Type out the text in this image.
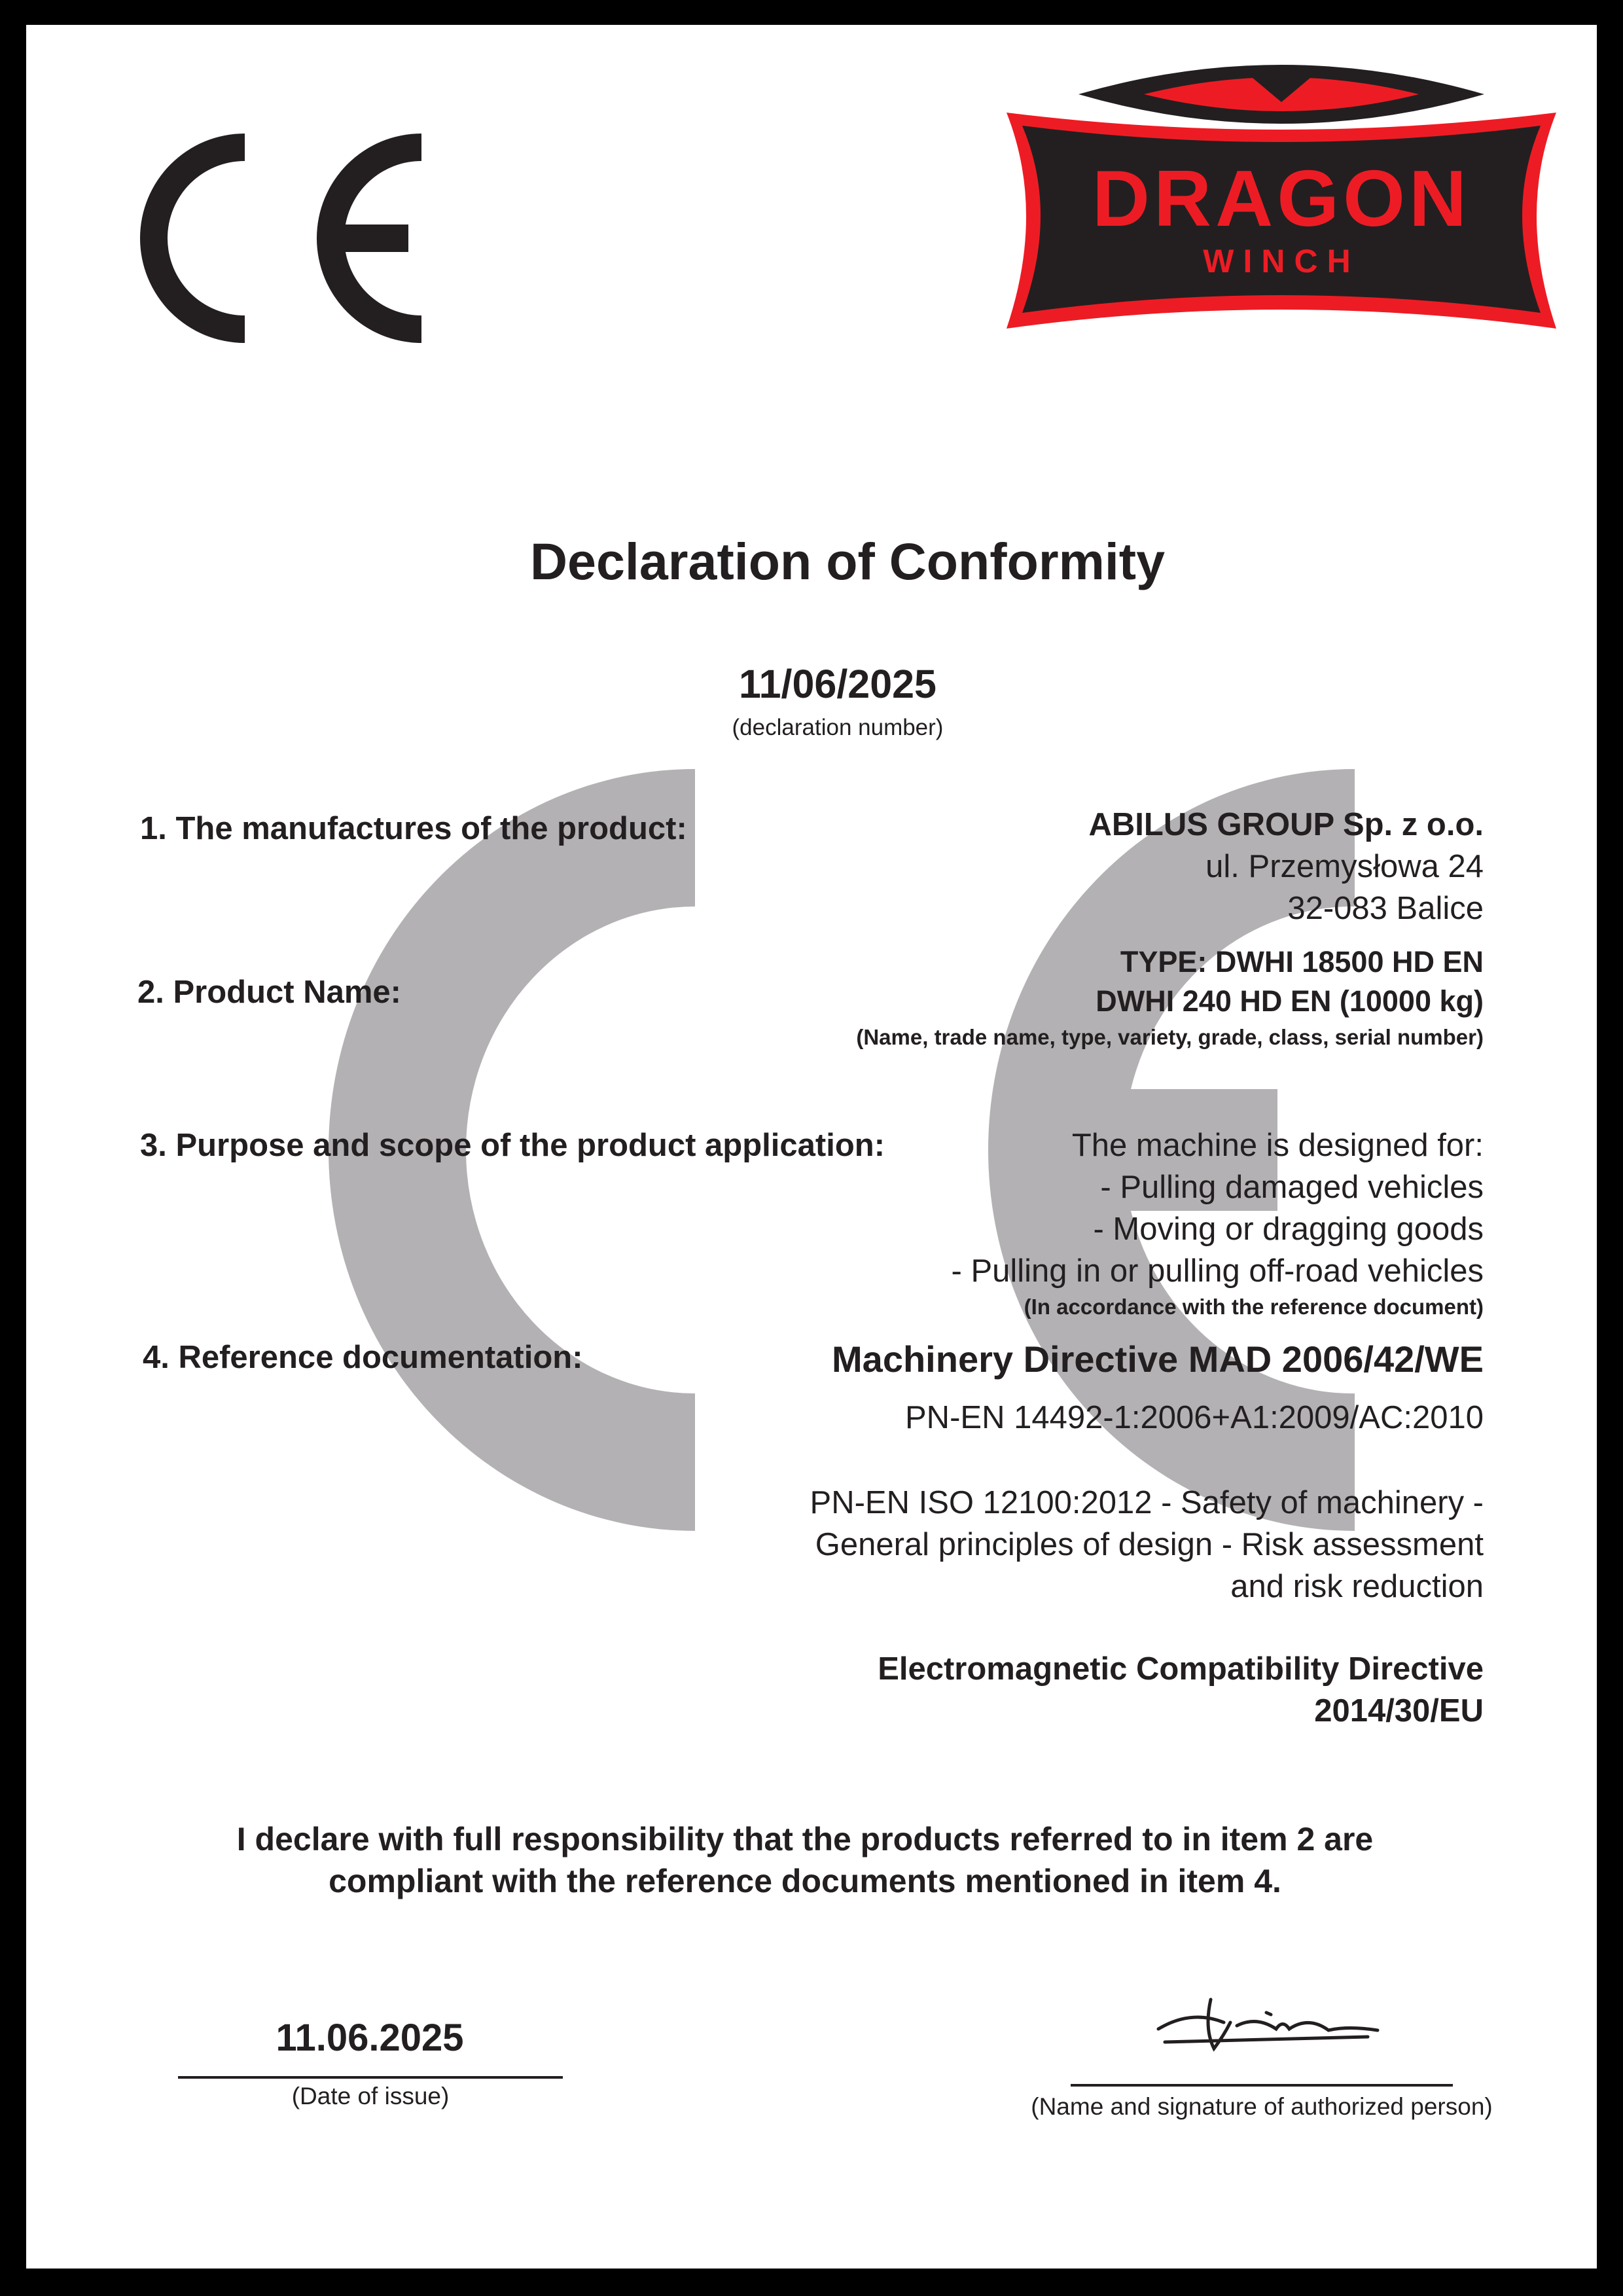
DRAGON
WINCH
Declaration of Conformity
11/06/2025
(declaration number)
1. The manufactures of the product:	ABILUS GROUP Sp. z o.o.
ul. Przemysłowa 24
32-083 Balice
2. Product Name:
TYPE: DWHI 18500 HD EN
DWHI 240 HD EN (10000 kg)
(Name, trade name, type, variety, grade, class, serial number)
3. Purpose and scope of the product application:	The machine is designed for:
- Pulling damaged vehicles
- Moving or dragging goods
- Pulling in or pulling off-road vehicles
(In accordance with the reference document)
4. Reference documentation:	Machinery Directive MAD 2006/42/WE
PN-EN 14492-1:2006+A1:2009/AC:2010
PN-EN ISO 12100:2012 - Safety of machinery -
General principles of design - Risk assessment
and risk reduction
Electromagnetic Compatibility Directive
2014/30/EU
I declare with full responsibility that the products referred to in item 2 are
compliant with the reference documents mentioned in item 4.
11.06.2025
(Date of issue)	(Name and signature of authorized person)
